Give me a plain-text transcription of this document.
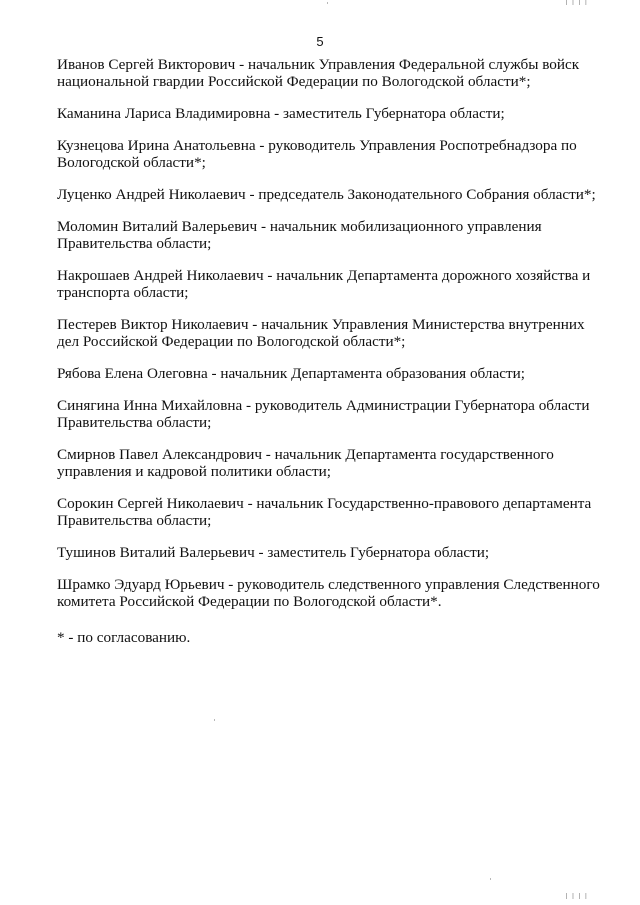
I I I I
5

Иванов Сергей Викторович - начальник Управления Федеральной службы войск национальной гвардии Российской Федерации по Вологодской области*;

Каманина Лариса Владимировна - заместитель Губернатора области;

Кузнецова Ирина Анатольевна - руководитель Управления Роспотребнадзора по Вологодской области*;

Луценко Андрей Николаевич - председатель Законодательного Собрания области*;

Моломин Виталий Валерьевич - начальник мобилизационного управления Правительства области;

Накрошаев Андрей Николаевич - начальник Департамента дорожного хозяйства и транспорта области;

Пестерев Виктор Николаевич - начальник Управления Министерства внутренних дел Российской Федерации по Вологодской области*;

Рябова Елена Олеговна - начальник Департамента образования области;

Синягина Инна Михайловна - руководитель Администрации Губернатора области Правительства области;

Смирнов Павел Александрович - начальник Департамента государственного управления и кадровой политики области;

Сорокин Сергей Николаевич - начальник Государственно-правового департамента Правительства области;

Тушинов Виталий Валерьевич - заместитель Губернатора области;

Шрамко Эдуард Юрьевич - руководитель следственного управления Следственного комитета Российской Федерации по Вологодской области*.

* - по согласованию.
I I I I
